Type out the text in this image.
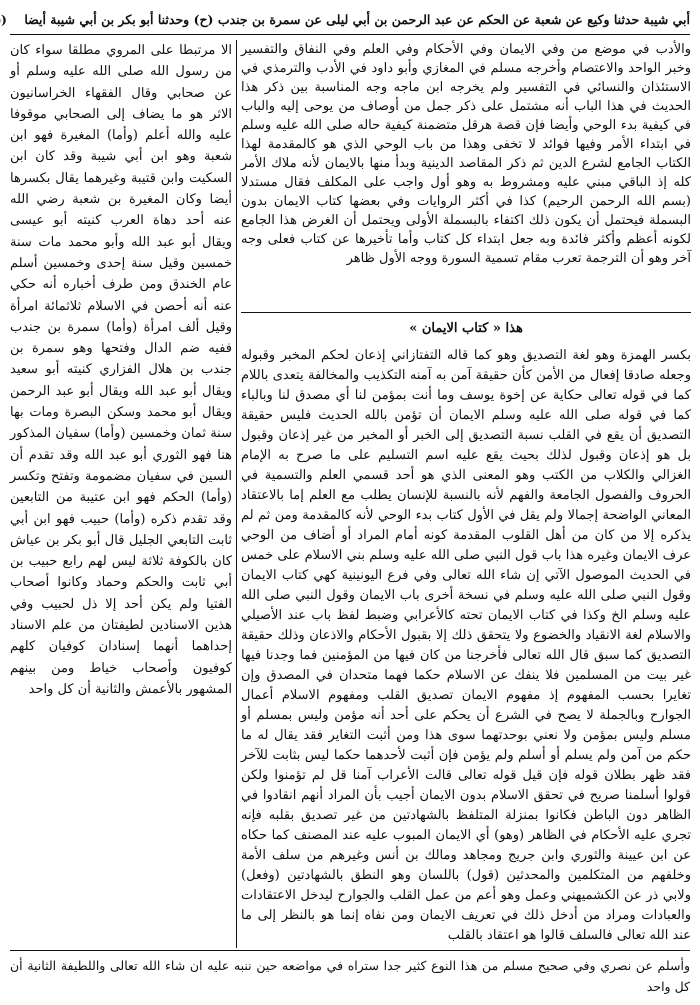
أبي شيبة حدثنا وكيع عن شعبة عن الحكم عن عبد الرحمن بن أبي ليلى عن سمرة بن جندب (ح) وحدثنا أبو بكر بن أبي شيبة أيضا    (

الا مرتبطا على المروي مطلقا سواء كان من رسول الله صلى الله عليه وسلم أو عن صحابي وقال الفقهاء الخراسانيون الاثر هو ما يضاف إلى الصحابي موقوفا عليه والله أعلم (وأما) المغيرة فهو ابن شعبة وهو ابن أبي شيبة وقد كان ابن السكيت وابن قتيبة وغيرهما يقال بكسرها أيضا وكان المغيرة بن شعبة رضي الله عنه أحد دهاة العرب كنيته أبو عيسى ويقال أبو عبد الله وأبو محمد مات سنة خمسين وقيل سنة إحدى وخمسين أسلم عام الخندق ومن طرف أخباره أنه حكي عنه أنه أحصن في الاسلام ثلاثمائة امرأة وقيل ألف امرأة (وأما) سمرة بن جندب ففيه ضم الدال وفتحها وهو سمرة بن جندب بن هلال الفزاري كنيته أبو سعيد ويقال أبو عبد الله ويقال أبو عبد الرحمن ويقال أبو محمد وسكن البصرة ومات بها سنة ثمان وخمسين (وأما) سفيان المذكور هنا فهو الثوري أبو عبد الله وقد تقدم أن السين في سفيان مضمومة وتفتح وتكسر (وأما) الحكم فهو ابن عتيبة من التابعين وقد تقدم ذكره (وأما) حبيب فهو ابن أبي ثابت التابعي الجليل قال أبو بكر بن عياش كان بالكوفة ثلاثة ليس لهم رابع حبيب بن أبي ثابت والحكم وحماد وكانوا أصحاب الفتيا ولم يكن أحد إلا ذل لحبيب وفي هذين الاسنادين لطيفتان من علم الاسناد إحداهما أنهما إسنادان كوفيان كلهم كوفيون وأصحاب خياط ومن بينهم المشهور بالأعمش والثانية أن كل واحد

والأدب في موضع من وفي الايمان وفي الأحكام وفي العلم وفي النفاق والتفسير وخبر الواحد والاعتصام وأخرجه مسلم في المغازي وأبو داود في الأدب والترمذي في الاستئذان والنسائي في التفسير ولم يخرجه ابن ماجه وجه المناسبة بين ذكر هذا الحديث في هذا الباب أنه مشتمل على ذكر جمل من أوصاف من يوحى إليه والباب في كيفية بدء الوحي وأيضا فإن قصة هرقل متضمنة كيفية حاله صلى الله عليه وسلم في ابتداء الأمر وفيها فوائد لا تخفى وهذا من باب الوحي الذي هو كالمقدمة لهذا الكتاب الجامع لشرع الدين ثم ذكر المقاصد الدينية وبدأ منها بالايمان لأنه ملاك الأمر كله إذ الباقي مبني عليه ومشروط به وهو أول واجب على المكلف فقال مستدلا (بسم الله الرحمن الرحيم) كذا في أكثر الروايات وفي بعضها كتاب الايمان بدون البسملة فيحتمل أن يكون ذلك اكتفاء بالبسملة الأولى ويحتمل أن الغرض هذا الجامع لكونه أعظم وأكثر فائدة وبه جعل ابتداء كل كتاب وأما تأخيرها عن كتاب فعلى وجه آخر وهو أن الترجمة تعرب مقام تسمية السورة ووجه الأول ظاهر

هذا « كتاب الايمان »

بكسر الهمزة وهو لغة التصديق وهو كما قاله التفتازاني إذعان لحكم المخبر وقبوله وجعله صادقا إفعال من الأمن كأن حقيقة آمن به آمنه التكذيب والمخالفة يتعدى باللام كما في قوله تعالى حكاية عن إخوة يوسف وما أنت بمؤمن لنا أي مصدق لنا وبالباء كما في قوله صلى الله عليه وسلم الايمان أن تؤمن بالله الحديث فليس حقيقة التصديق أن يقع في القلب نسبة التصديق إلى الخبر أو المخبر من غير إذعان وقبول بل هو إذعان وقبول لذلك بحيث يقع عليه اسم التسليم على ما صرح به الإمام الغزالي والكلاب من الكتب وهو المعنى الذي هو أحد قسمي العلم والتسمية في الحروف والفصول الجامعة والفهم لأنه بالنسبة للإنسان يطلب مع العلم إما بالاعتقاد المعاني الواضحة إجمالا ولم يقل في الأول كتاب بدء الوحي لأنه كالمقدمة ومن ثم لم يذكره إلا من كان من أهل القلوب المقدمة كونه أمام المراد أو أضاف من الوحي عرف الايمان وغيره هذا باب قول النبي صلى الله عليه وسلم بني الاسلام على خمس في الحديث الموصول الآتي إن شاء الله تعالى وفي فرع اليونينية كهي كتاب الايمان وقول النبي صلى الله عليه وسلم في نسخة أخرى باب الايمان وقول النبي صلى الله عليه وسلم الخ وكذا في كتاب الايمان تحته كالأعرابي وضبط لفظ باب عند الأصيلي والاسلام لغة الانقياد والخضوع ولا يتحقق ذلك إلا بقبول الأحكام والاذعان وذلك حقيقة التصديق كما سبق قال الله تعالى فأخرجنا من كان فيها من المؤمنين فما وجدنا فيها غير بيت من المسلمين فلا ينفك عن الاسلام حكما فهما متحدان في المصدق وإن تغايرا بحسب المفهوم إذ مفهوم الايمان تصديق القلب ومفهوم الاسلام أعمال الجوارح وبالجملة لا يصح في الشرع أن يحكم على أحد أنه مؤمن وليس بمسلم أو مسلم وليس بمؤمن ولا نعني بوحدتهما سوى هذا ومن أثبت التغاير فقد يقال له ما حكم من آمن ولم يسلم أو أسلم ولم يؤمن فإن أثبت لأحدهما حكما ليس بثابت للآخر فقد ظهر بطلان قوله فإن قيل قوله تعالى قالت الأعراب آمنا قل لم تؤمنوا ولكن قولوا أسلمنا صريح في تحقق الاسلام بدون الايمان أجيب بأن المراد أنهم انقادوا في الظاهر دون الباطن فكانوا بمنزلة المتلفظ بالشهادتين من غير تصديق بقلبه فإنه تجري عليه الأحكام في الظاهر (وهو) أي الايمان المبوب عليه عند المصنف كما حكاه عن ابن عيينة والثوري وابن جريج ومجاهد ومالك بن أنس وغيرهم من سلف الأمة وخلفهم من المتكلمين والمحدثين (قول) باللسان وهو النطق بالشهادتين (وفعل) ولابي ذر عن الكشميهني وعمل وهو أعم من عمل القلب والجوارح ليدخل الاعتقادات والعبادات ومراد من أدخل ذلك في تعريف الايمان ومن نفاه إنما هو بالنظر إلى ما عند الله تعالى فالسلف قالوا هو اعتقاد بالقلب

وأسلم عن نصري وفي صحيح مسلم من هذا النوع كثير جدا ستراه في مواضعه حين ننبه عليه ان شاء الله تعالى واللطيفة الثانية أن كل واحد
